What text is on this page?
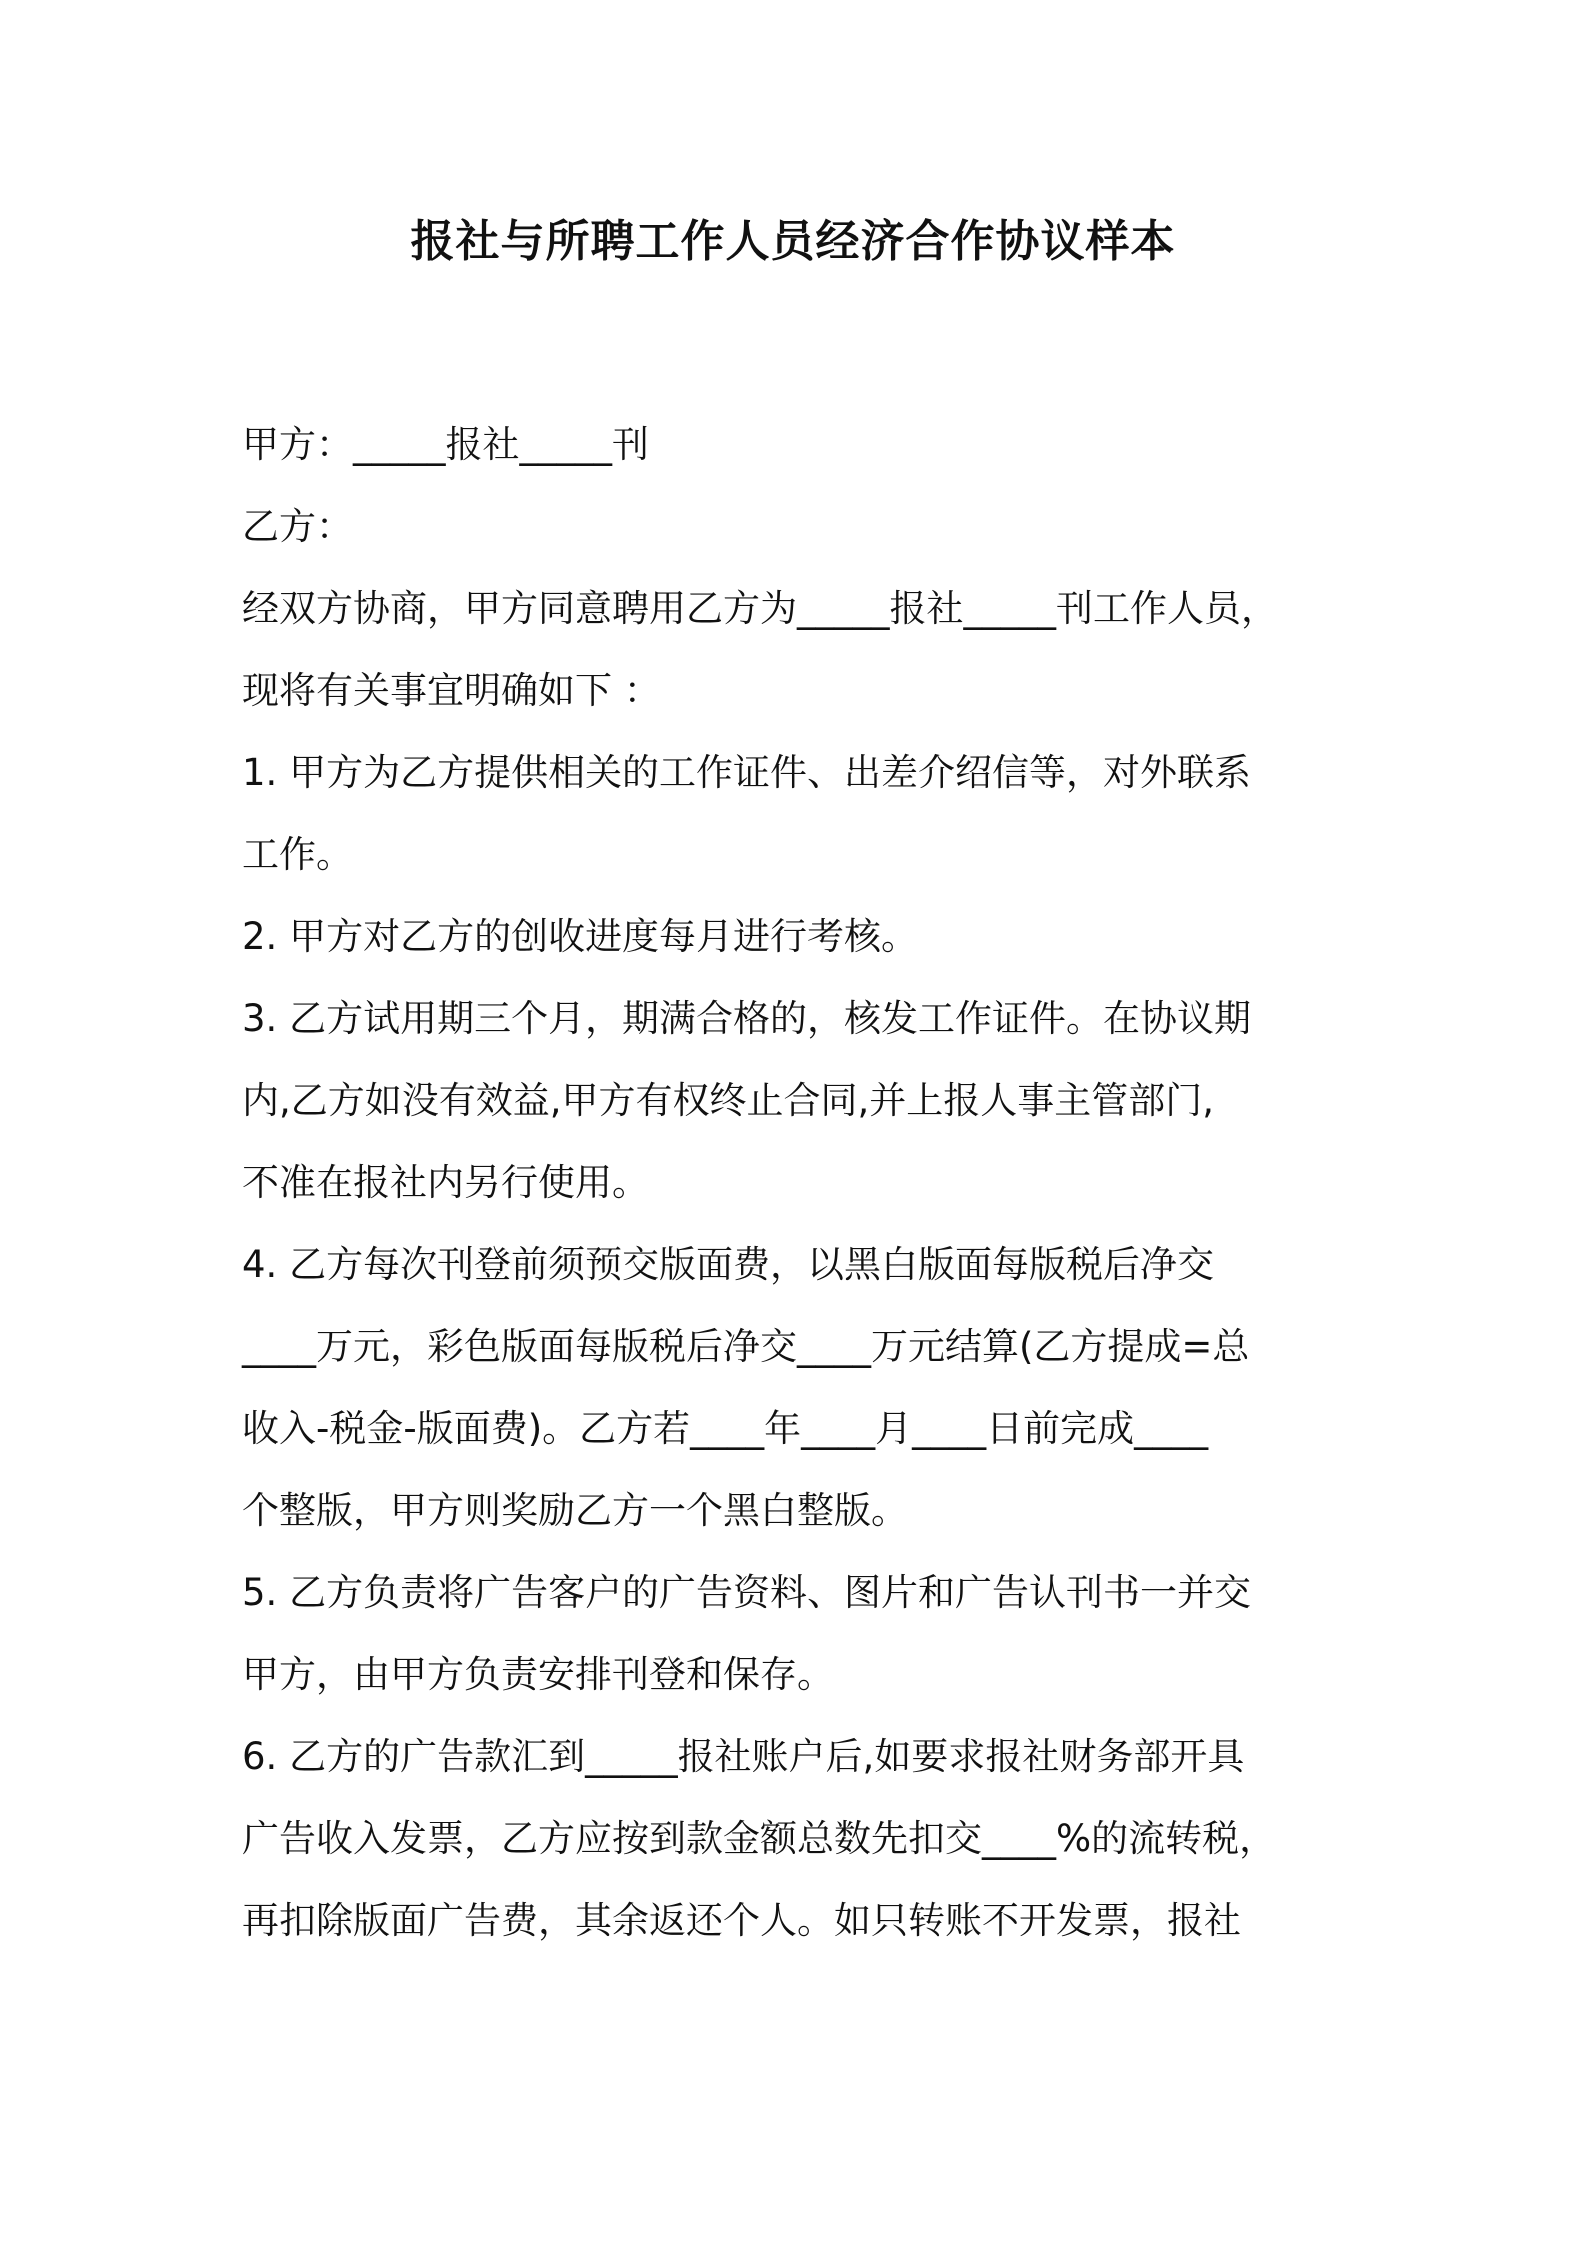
报社与所聘工作人员经济合作协议样本
甲方：_____报社_____刊
乙方：
经双方协商，甲方同意聘用乙方为_____报社_____刊工作人员，
现将有关事宜明确如下 ：
1. 甲方为乙方提供相关的工作证件、出差介绍信等，对外联系
工作。
2. 甲方对乙方的创收进度每月进行考核。
3. 乙方试用期三个月，期满合格的，核发工作证件。在协议期
内,乙方如没有效益,甲方有权终止合同,并上报人事主管部门,
不准在报社内另行使用。
4. 乙方每次刊登前须预交版面费，以黑白版面每版税后净交
____万元，彩色版面每版税后净交____万元结算(乙方提成=总
收入-税金-版面费)。乙方若____年____月____日前完成____
个整版，甲方则奖励乙方一个黑白整版。
5. 乙方负责将广告客户的广告资料、图片和广告认刊书一并交
甲方，由甲方负责安排刊登和保存。
6. 乙方的广告款汇到_____报社账户后,如要求报社财务部开具
广告收入发票，乙方应按到款金额总数先扣交____%的流转税，
再扣除版面广告费，其余返还个人。如只转账不开发票，报社
